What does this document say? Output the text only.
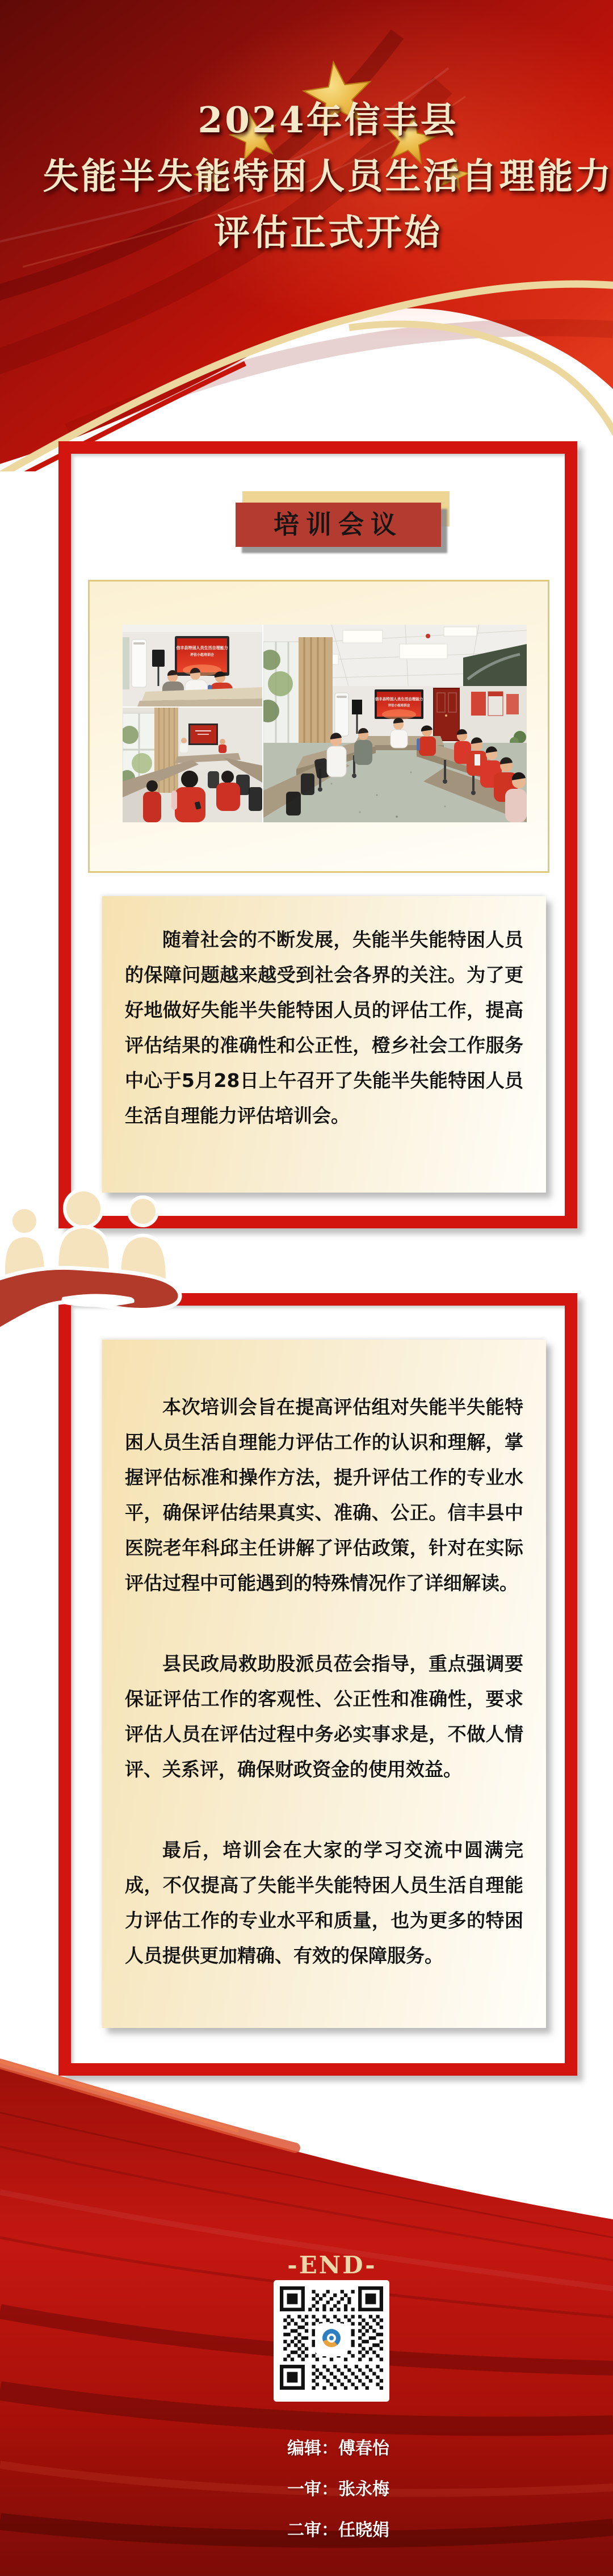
2024年信丰县
失能半失能特困人员生活自理能力
评估正式开始
培训会议
信丰县特困人员生活自理能力
评估小组培训会
信丰县特困人员生活自理能力
评估小组培训会

随着社会的不断发展，失能半失能特困人员的保障问题越来越受到社会各界的关注。为了更好地做好失能半失能特困人员的评估工作，提高评估结果的准确性和公正性，橙乡社会工作服务中心于5月28日上午召开了失能半失能特困人员生活自理能力评估培训会。

本次培训会旨在提高评估组对失能半失能特困人员生活自理能力评估工作的认识和理解，掌握评估标准和操作方法，提升评估工作的专业水平，确保评估结果真实、准确、公正。信丰县中医院老年科邱主任讲解了评估政策，针对在实际评估过程中可能遇到的特殊情况作了详细解读。

县民政局救助股派员莅会指导，重点强调要保证评估工作的客观性、公正性和准确性，要求评估人员在评估过程中务必实事求是，不做人情评、关系评，确保财政资金的使用效益。

最后，培训会在大家的学习交流中圆满完成，不仅提高了失能半失能特困人员生活自理能力评估工作的专业水平和质量，也为更多的特困人员提供更加精确、有效的保障服务。

-END-
编辑：傅春怡
一审：张永梅
二审：任晓娟
